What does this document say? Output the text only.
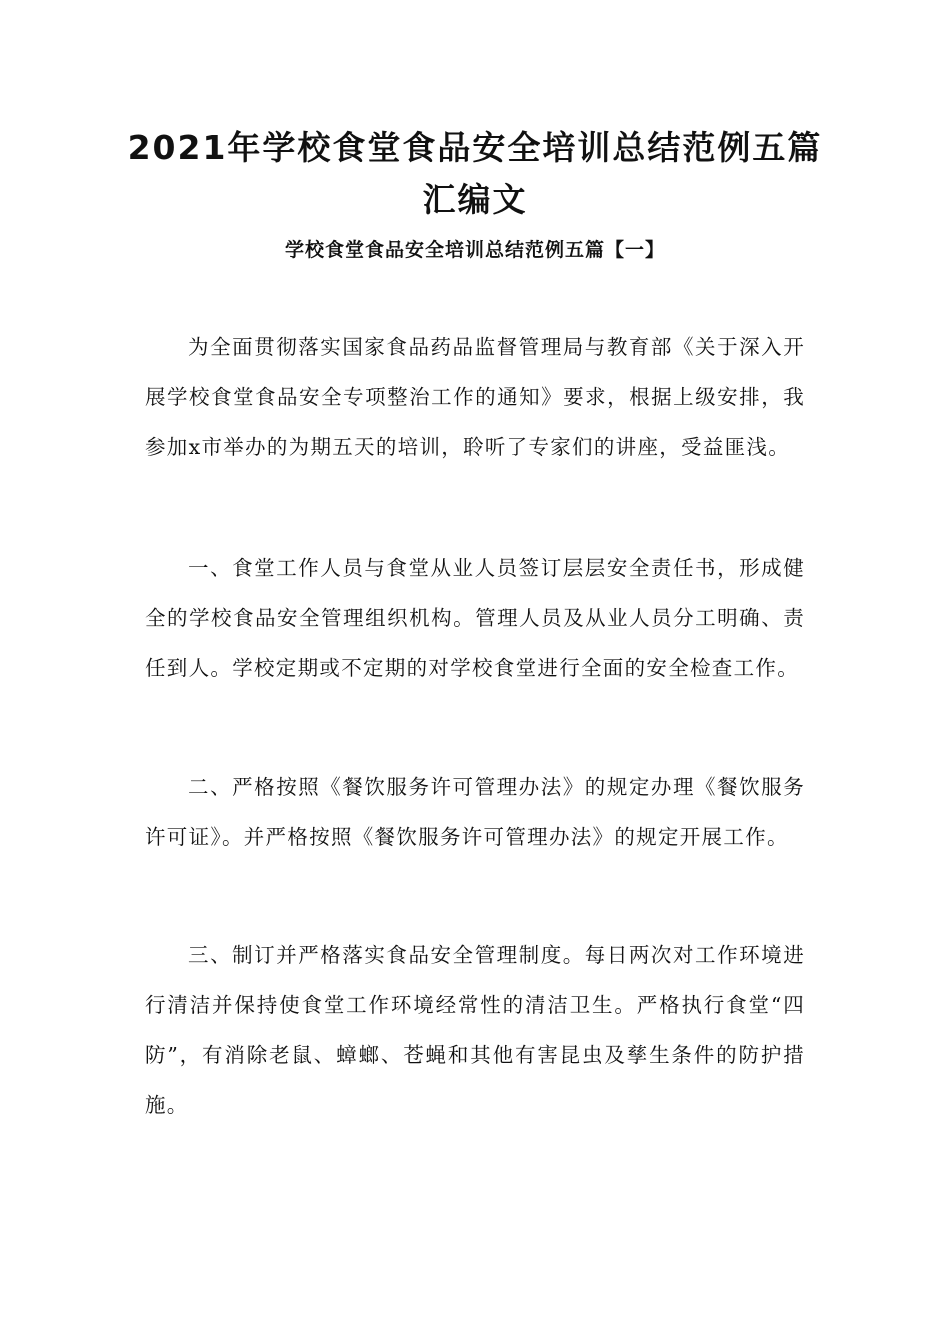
2021年学校食堂食品安全培训总结范例五篇
汇编文
学校食堂食品安全培训总结范例五篇【一】

为全面贯彻落实国家食品药品监督管理局与教育部《关于深入开展学校食堂食品安全专项整治工作的通知》要求，根据上级安排，我参加x市举办的为期五天的培训，聆听了专家们的讲座，受益匪浅。

一、食堂工作人员与食堂从业人员签订层层安全责任书，形成健全的学校食品安全管理组织机构。管理人员及从业人员分工明确、责任到人。学校定期或不定期的对学校食堂进行全面的安全检查工作。

二、严格按照《餐饮服务许可管理办法》的规定办理《餐饮服务许可证》。并严格按照《餐饮服务许可管理办法》的规定开展工作。

三、制订并严格落实食品安全管理制度。每日两次对工作环境进行清洁并保持使食堂工作环境经常性的清洁卫生。严格执行食堂“四防”，有消除老鼠、蟑螂、苍蝇和其他有害昆虫及孳生条件的防护措施。
